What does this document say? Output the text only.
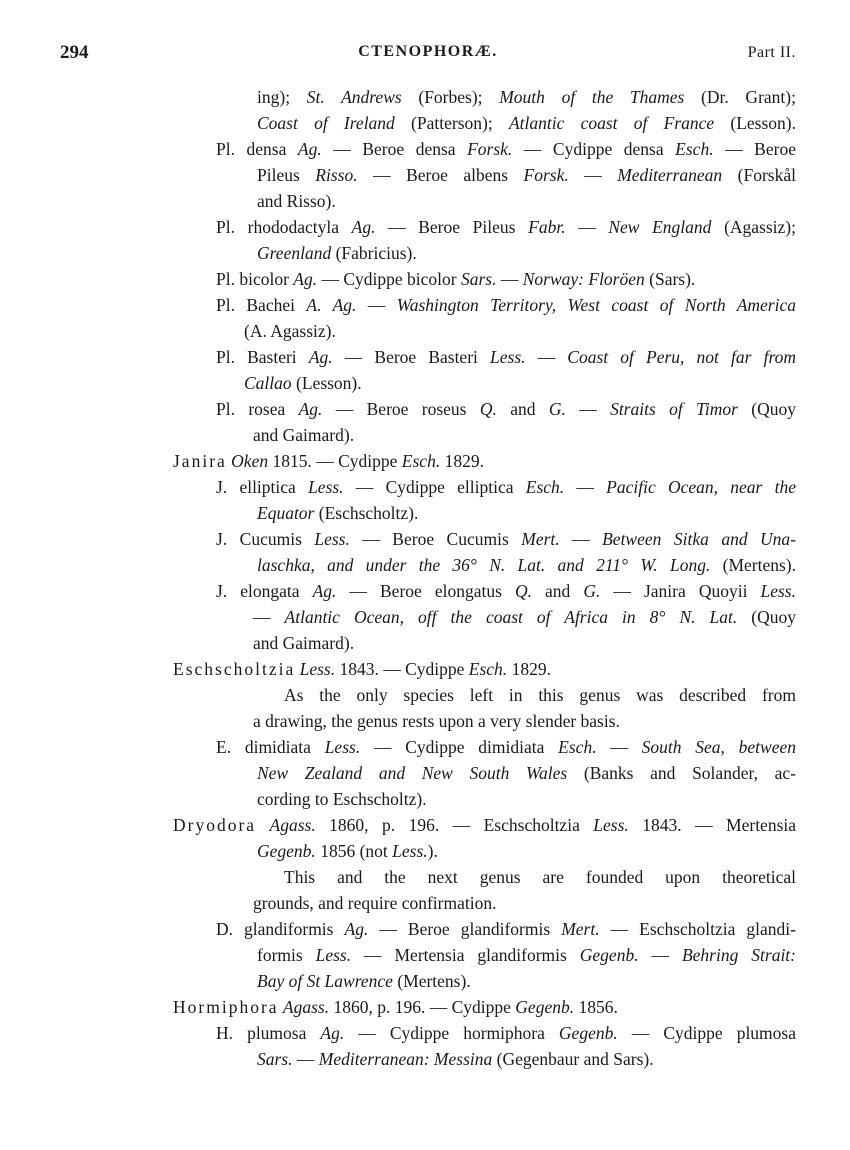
294	CTENOPHORÆ.	Part II.
ing); St. Andrews (Forbes); Mouth of the Thames (Dr. Grant);
Coast of Ireland (Patterson); Atlantic coast of France (Lesson).
Pl. densa Ag. — Beroe densa Forsk. — Cydippe densa Esch. — Beroe
Pileus Risso. — Beroe albens Forsk. — Mediterranean (Forskål
and Risso).
Pl. rhododactyla Ag. — Beroe Pileus Fabr. — New England (Agassiz);
Greenland (Fabricius).
Pl. bicolor Ag. — Cydippe bicolor Sars. — Norway: Floröen (Sars).
Pl. Bachei A. Ag. — Washington Territory, West coast of North America
(A. Agassiz).
Pl. Basteri Ag. — Beroe Basteri Less. — Coast of Peru, not far from
Callao (Lesson).
Pl. rosea Ag. — Beroe roseus Q. and G. — Straits of Timor (Quoy
and Gaimard).
Janira Oken 1815. — Cydippe Esch. 1829.
J. elliptica Less. — Cydippe elliptica Esch. — Pacific Ocean, near the
Equator (Eschscholtz).
J. Cucumis Less. — Beroe Cucumis Mert. — Between Sitka and Una-
laschka, and under the 36° N. Lat. and 211° W. Long. (Mertens).
J. elongata Ag. — Beroe elongatus Q. and G. — Janira Quoyii Less.
— Atlantic Ocean, off the coast of Africa in 8° N. Lat. (Quoy
and Gaimard).
Eschscholtzia Less. 1843. — Cydippe Esch. 1829.
As the only species left in this genus was described from
a drawing, the genus rests upon a very slender basis.
E. dimidiata Less. — Cydippe dimidiata Esch. — South Sea, between
New Zealand and New South Wales (Banks and Solander, ac-
cording to Eschscholtz).
Dryodora Agass. 1860, p. 196. — Eschscholtzia Less. 1843. — Mertensia
Gegenb. 1856 (not Less.).
This and the next genus are founded upon theoretical
grounds, and require confirmation.
D. glandiformis Ag. — Beroe glandiformis Mert. — Eschscholtzia glandi-
formis Less. — Mertensia glandiformis Gegenb. — Behring Strait:
Bay of St Lawrence (Mertens).
Hormiphora Agass. 1860, p. 196. — Cydippe Gegenb. 1856.
H. plumosa Ag. — Cydippe hormiphora Gegenb. — Cydippe plumosa
Sars. — Mediterranean: Messina (Gegenbaur and Sars).
